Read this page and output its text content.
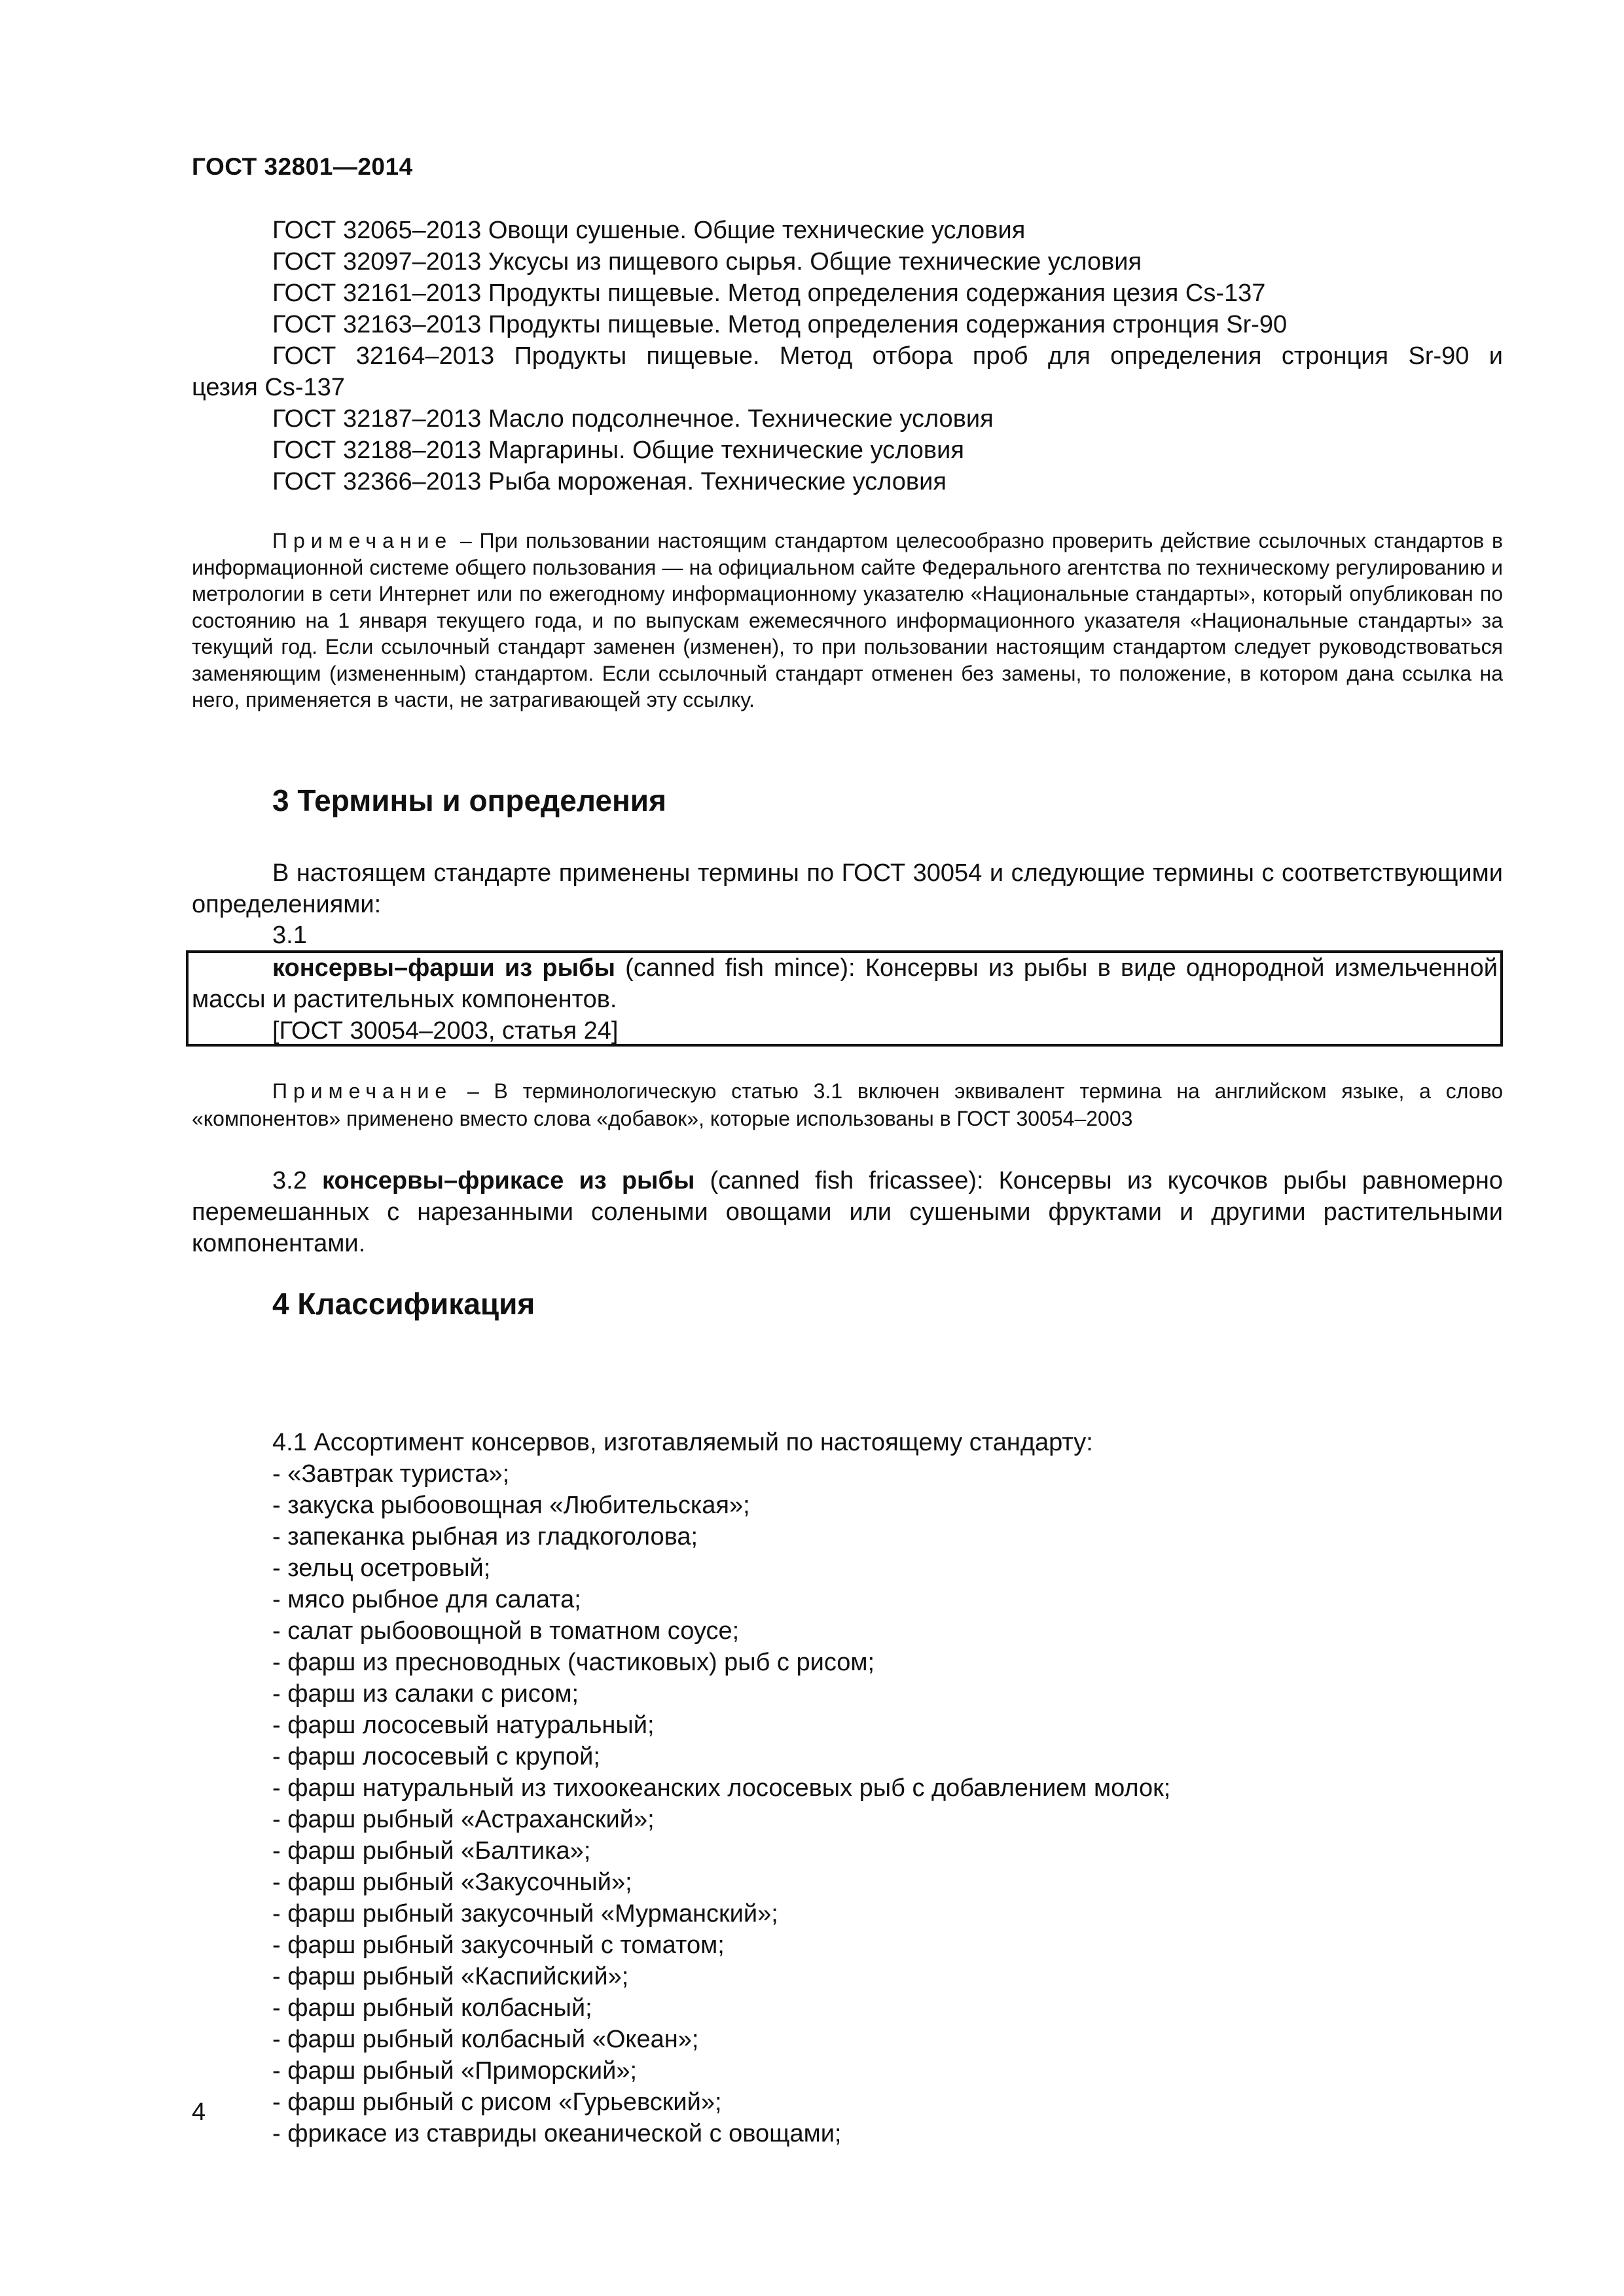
ГОСТ 32801—2014
ГОСТ 32065–2013 Овощи сушеные. Общие технические условия
ГОСТ 32097–2013 Уксусы из пищевого сырья. Общие технические условия
ГОСТ 32161–2013 Продукты пищевые. Метод определения содержания цезия Cs-137
ГОСТ 32163–2013 Продукты пищевые. Метод определения содержания стронция Sr-90
ГОСТ 32164–2013 Продукты пищевые. Метод отбора проб для определения стронция Sr-90 и
цезия Cs-137
ГОСТ 32187–2013 Масло подсолнечное. Технические условия
ГОСТ 32188–2013 Маргарины. Общие технические условия
ГОСТ 32366–2013 Рыба мороженая. Технические условия
Примечание – При пользовании настоящим стандартом целесообразно проверить действие ссылочных стандартов в информационной системе общего пользования — на официальном сайте Федерального агентства по техническому регулированию и метрологии в сети Интернет или по ежегодному информационному указателю «Национальные стандарты», который опубликован по состоянию на 1 января текущего года, и по выпускам ежемесячного информационного указателя «Национальные стандарты» за текущий год. Если ссылочный стандарт заменен (изменен), то при пользовании настоящим стандартом следует руководствоваться заменяющим (измененным) стандартом. Если ссылочный стандарт отменен без замены, то положение, в котором дана ссылка на него, применяется в части, не затрагивающей эту ссылку.
3 Термины и определения
В настоящем стандарте применены термины по ГОСТ 30054 и следующие термины с соответствующими определениями:
3.1
консервы–фарши из рыбы (canned fish mince): Консервы из рыбы в виде однородной измельченной массы и растительных компонентов.
[ГОСТ 30054–2003, статья 24]
Примечание – В терминологическую статью 3.1 включен эквивалент термина на английском языке, а слово «компонентов» применено вместо слова «добавок», которые использованы в ГОСТ 30054–2003
3.2 консервы–фрикасе из рыбы (canned fish fricassee): Консервы из кусочков рыбы равномерно перемешанных с нарезанными солеными овощами или сушеными фруктами и другими растительными компонентами.
4 Классификация
4.1 Ассортимент консервов, изготавляемый по настоящему стандарту:
- «Завтрак туриста»;
- закуска рыбоовощная «Любительская»;
- запеканка рыбная из гладкоголова;
- зельц осетровый;
- мясо рыбное для салата;
- салат рыбоовощной в томатном соусе;
- фарш из пресноводных (частиковых) рыб с рисом;
- фарш из салаки с рисом;
- фарш лососевый натуральный;
- фарш лососевый с крупой;
- фарш натуральный из тихоокеанских лососевых рыб с добавлением молок;
- фарш рыбный «Астраханский»;
- фарш рыбный «Балтика»;
- фарш рыбный «Закусочный»;
- фарш рыбный закусочный «Мурманский»;
- фарш рыбный закусочный с томатом;
- фарш рыбный «Каспийский»;
- фарш рыбный колбасный;
- фарш рыбный колбасный «Океан»;
- фарш рыбный «Приморский»;
- фарш рыбный с рисом «Гурьевский»;
- фрикасе из ставриды океанической с овощами;
4
